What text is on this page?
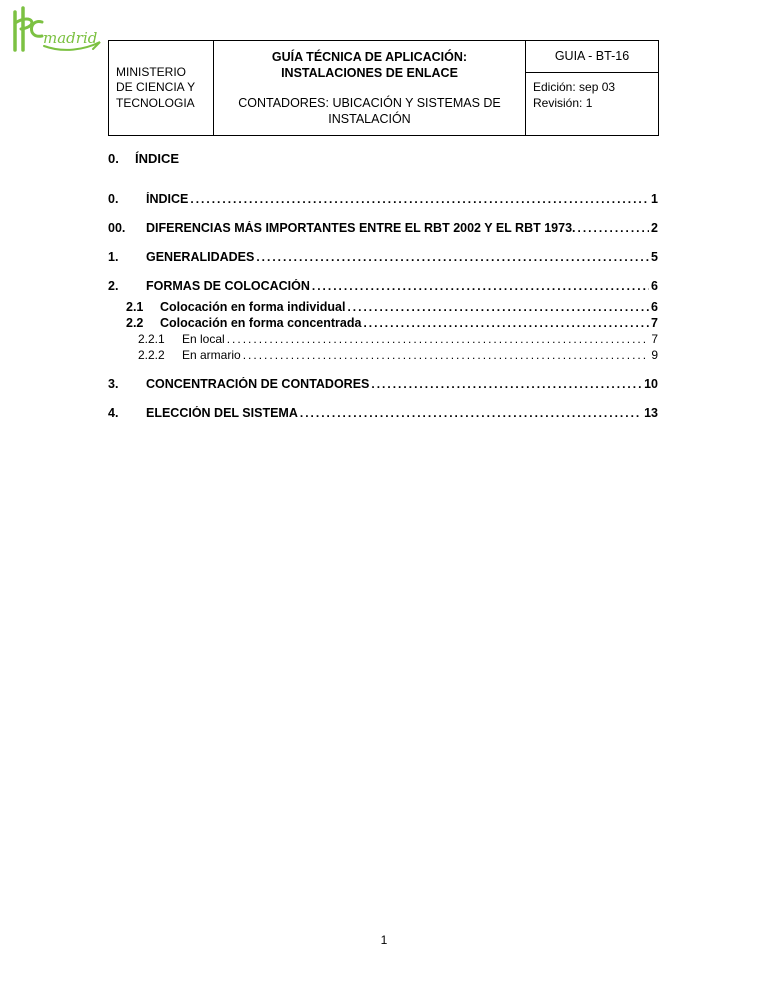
madrid
MINISTERIO
DE CIENCIA Y
TECNOLOGIA
GUÍA TÉCNICA DE APLICACIÓN:
INSTALACIONES DE ENLACE
CONTADORES: UBICACIÓN Y SISTEMAS DE
INSTALACIÓN
GUIA - BT-16
Edición: sep 03
Revisión: 1
0. ÍNDICE
0.	ÍNDICE .....	1
00.	DIFERENCIAS MÁS IMPORTANTES ENTRE EL RBT 2002 Y EL RBT 1973. .....	2
1.	GENERALIDADES .....	5
2.	FORMAS DE COLOCACIÓN .....	6
2.1	Colocación en forma individual .....	6
2.2	Colocación en forma concentrada .....	7
2.2.1	En local .....	7
2.2.2	En armario .....	9
3.	CONCENTRACIÓN DE CONTADORES .....	10
4.	ELECCIÓN DEL SISTEMA .....	13
1
